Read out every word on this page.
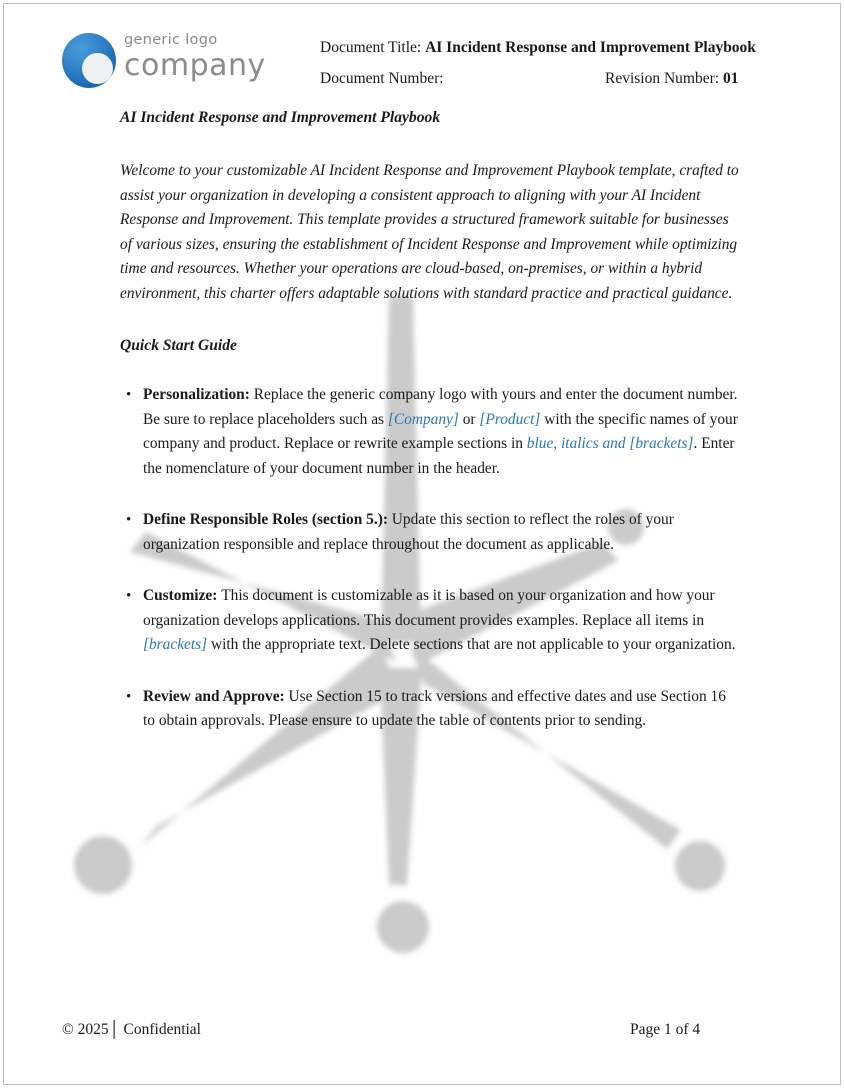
generic logo
company	Document Title: AI Incident Response and Improvement Playbook
Document Number:	Revision Number: 01
AI Incident Response and Improvement Playbook

Welcome to your customizable AI Incident Response and Improvement Playbook template, crafted to assist your organization in developing a consistent approach to aligning with your AI Incident Response and Improvement. This template provides a structured framework suitable for businesses of various sizes, ensuring the establishment of Incident Response and Improvement while optimizing time and resources. Whether your operations are cloud-based, on-premises, or within a hybrid environment, this charter offers adaptable solutions with standard practice and practical guidance.

Quick Start Guide
• Personalization: Replace the generic company logo with yours and enter the document number. Be sure to replace placeholders such as [Company] or [Product] with the specific names of your company and product. Replace or rewrite example sections in blue, italics and [brackets]. Enter the nomenclature of your document number in the header.
• Define Responsible Roles (section 5.): Update this section to reflect the roles of your organization responsible and replace throughout the document as applicable.
• Customize: This document is customizable as it is based on your organization and how your organization develops applications. This document provides examples. Replace all items in [brackets] with the appropriate text. Delete sections that are not applicable to your organization.
• Review and Approve: Use Section 15 to track versions and effective dates and use Section 16 to obtain approvals. Please ensure to update the table of contents prior to sending.
© 2025│ Confidential	Page 1 of 4
